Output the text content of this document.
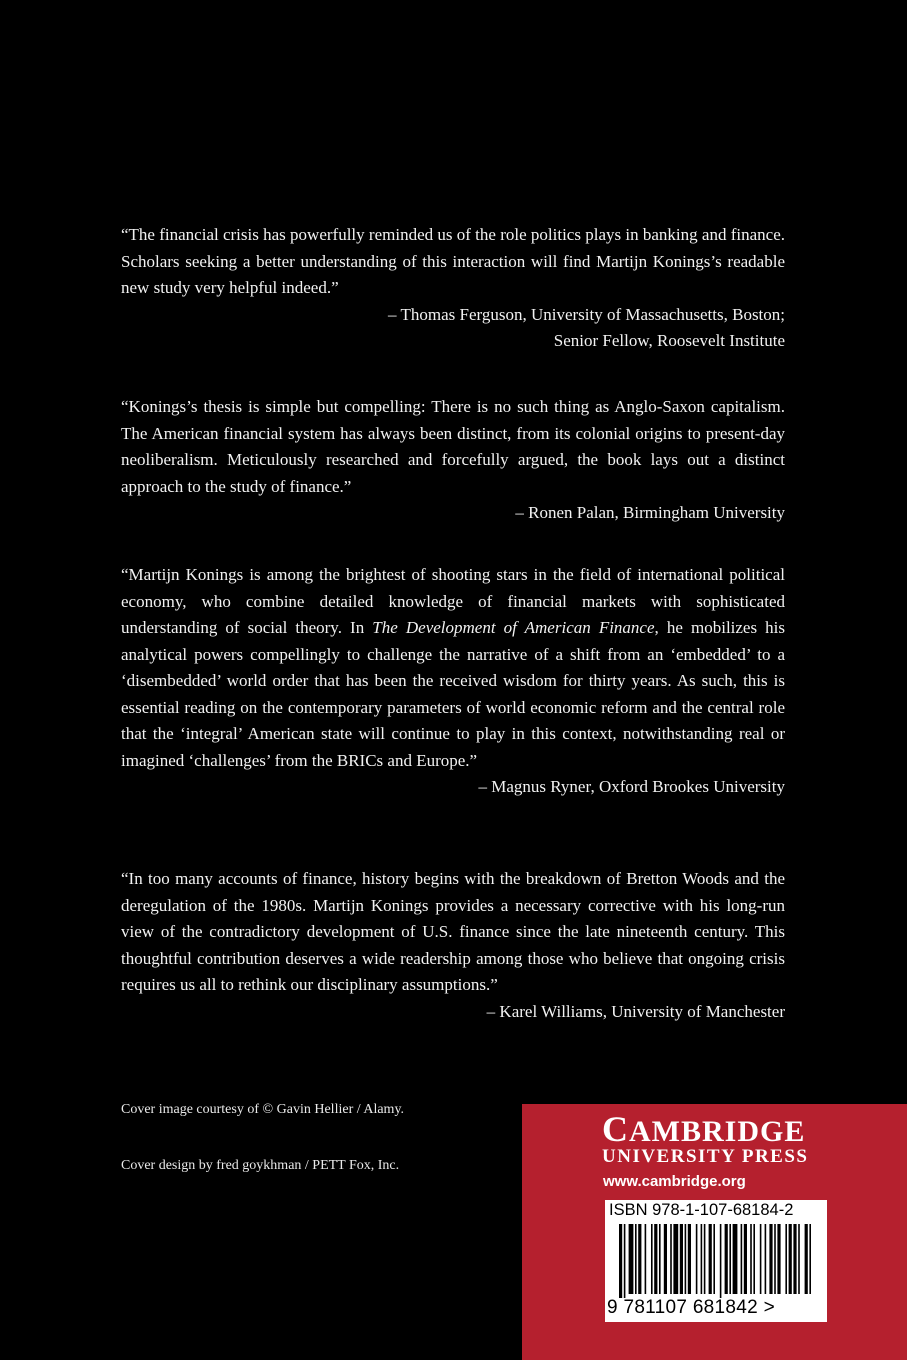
“The financial crisis has powerfully reminded us of the role politics plays in banking and finance. Scholars seeking a better understanding of this interaction will find Martijn Konings’s readable new study very helpful indeed.”

– Thomas Ferguson, University of Massachusetts, Boston; Senior Fellow, Roosevelt Institute

“Konings’s thesis is simple but compelling: There is no such thing as Anglo-Saxon capitalism. The American financial system has always been distinct, from its colonial origins to present-day neoliberalism. Meticulously researched and forcefully argued, the book lays out a distinct approach to the study of finance.”

– Ronen Palan, Birmingham University

“Martijn Konings is among the brightest of shooting stars in the field of international political economy, who combine detailed knowledge of financial markets with sophisticated understanding of social theory. In The Development of American Finance, he mobilizes his analytical powers compellingly to challenge the narrative of a shift from an ‘embedded’ to a ‘disembedded’ world order that has been the received wisdom for thirty years. As such, this is essential reading on the contemporary parameters of world economic reform and the central role that the ‘integral’ American state will continue to play in this context, notwithstanding real or imagined ‘challenges’ from the BRICs and Europe.”

– Magnus Ryner, Oxford Brookes University

“In too many accounts of finance, history begins with the breakdown of Bretton Woods and the deregulation of the 1980s. Martijn Konings provides a necessary corrective with his long-run view of the contradictory development of U.S. finance since the late nineteenth century. This thoughtful contribution deserves a wide readership among those who believe that ongoing crisis requires us all to rethink our disciplinary assumptions.”

– Karel Williams, University of Manchester

Cover image courtesy of © Gavin Hellier / Alamy.
Cover design by fred goykhman / PETT Fox, Inc.
CAMBRIDGE
UNIVERSITY PRESS
www.cambridge.org
ISBN 978-1-107-68184-2
9 781107 681842 >
